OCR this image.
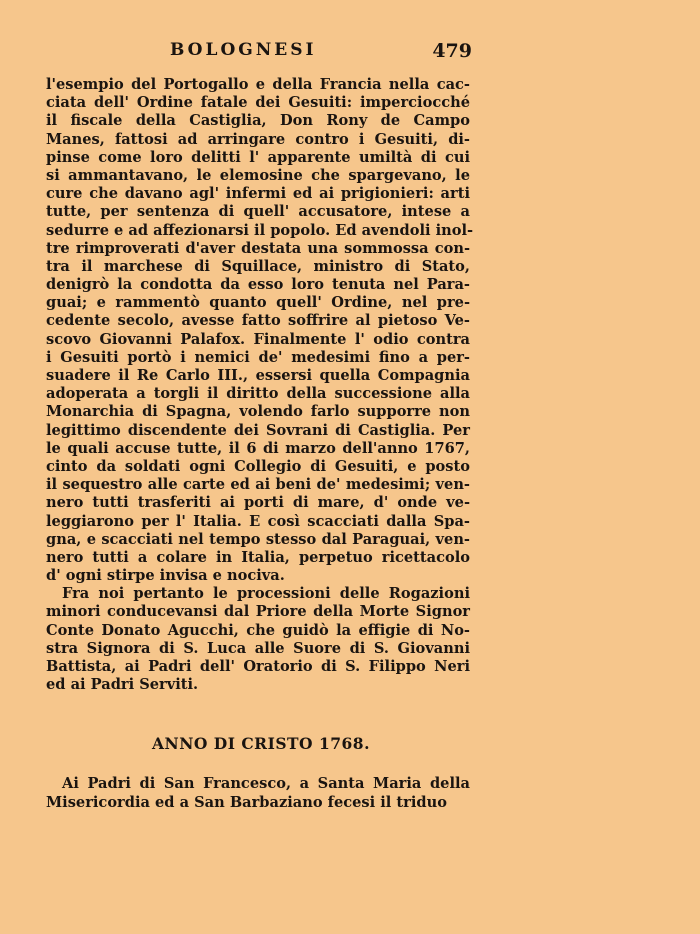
BOLOGNESI	479
l'esempio del Portogallo e della Francia nella cac-
ciata dell' Ordine fatale dei Gesuiti: imperciocché
il fiscale della Castiglia, Don Rony de Campo
Manes, fattosi ad arringare contro i Gesuiti, di-
pinse come loro delitti l' apparente umiltà di cui
si ammantavano, le elemosine che spargevano, le
cure che davano agl' infermi ed ai prigionieri: arti
tutte, per sentenza di quell' accusatore, intese a
sedurre e ad affezionarsi il popolo. Ed avendoli inol-
tre rimproverati d'aver destata una sommossa con-
tra il marchese di Squillace, ministro di Stato,
denigrò la condotta da esso loro tenuta nel Para-
guai; e rammentò quanto quell' Ordine, nel pre-
cedente secolo, avesse fatto soffrire al pietoso Ve-
scovo Giovanni Palafox. Finalmente l' odio contra
i Gesuiti portò i nemici de' medesimi fino a per-
suadere il Re Carlo III., essersi quella Compagnia
adoperata a torgli il diritto della successione alla
Monarchia di Spagna, volendo farlo supporre non
legittimo discendente dei Sovrani di Castiglia. Per
le quali accuse tutte, il 6 di marzo dell'anno 1767,
cinto da soldati ogni Collegio di Gesuiti, e posto
il sequestro alle carte ed ai beni de' medesimi; ven-
nero tutti trasferiti ai porti di mare, d' onde ve-
leggiarono per l' Italia. E così scacciati dalla Spa-
gna, e scacciati nel tempo stesso dal Paraguai, ven-
nero tutti a colare in Italia, perpetuo ricettacolo
d' ogni stirpe invisa e nociva.
Fra noi pertanto le processioni delle Rogazioni
minori conducevansi dal Priore della Morte Signor
Conte Donato Agucchi, che guidò la effigie di No-
stra Signora di S. Luca alle Suore di S. Giovanni
Battista, ai Padri dell' Oratorio di S. Filippo Neri
ed ai Padri Serviti.
ANNO DI CRISTO 1768.
Ai Padri di San Francesco, a Santa Maria della
Misericordia ed a San Barbaziano fecesi il triduo
